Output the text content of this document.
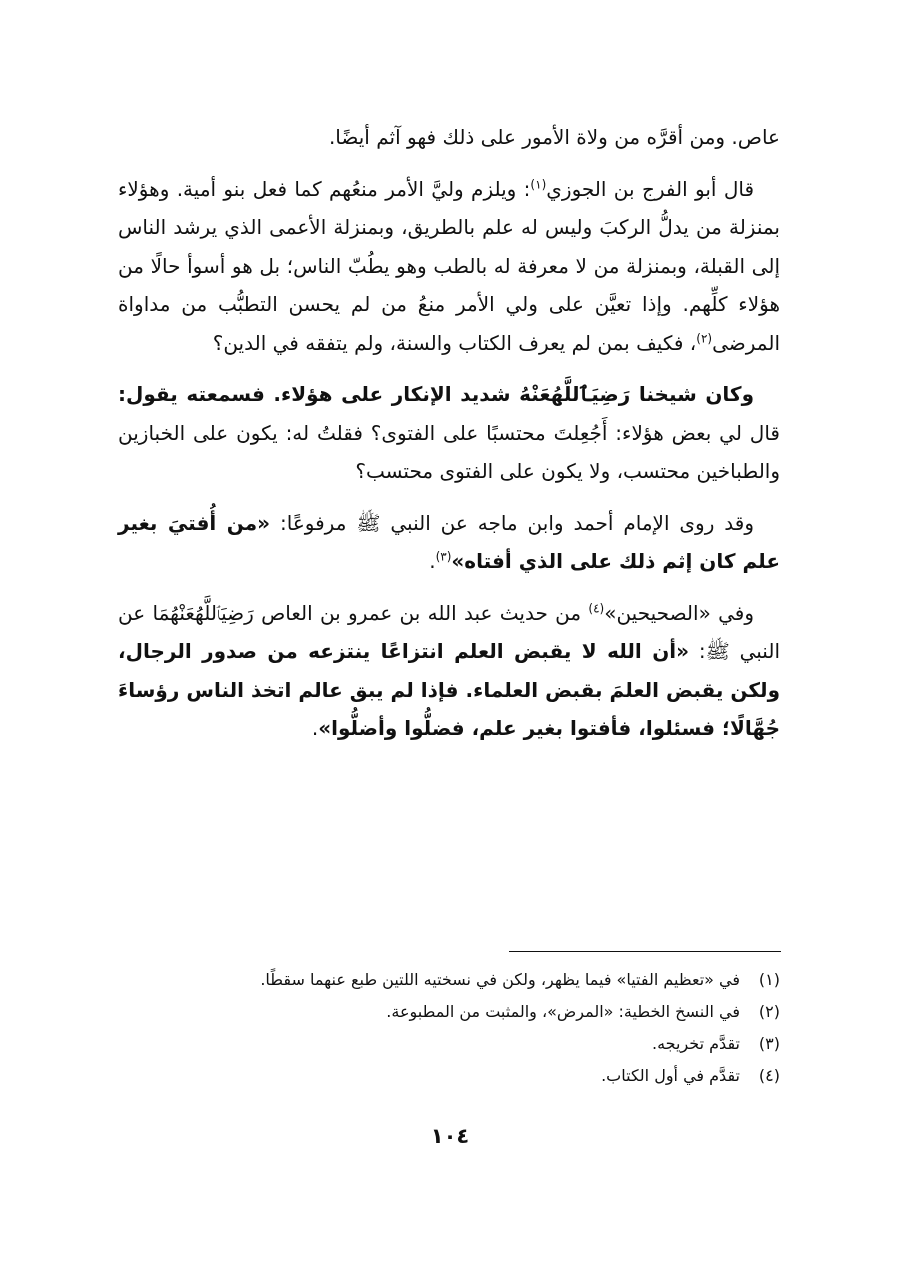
عاص. ومن أقرَّه من ولاة الأمور على ذلك فهو آثم أيضًا.

قال أبو الفرج بن الجوزي$^{(١)}$: ويلزم وليَّ الأمر منعُهم كما فعل بنو أمية. وهؤلاء بمنزلة من يدلُّ الركبَ وليس له علم بالطريق، وبمنزلة الأعمى الذي يرشد الناس إلى القبلة، وبمنزلة من لا معرفة له بالطب وهو يطُبّ الناس؛ بل هو أسوأ حالًا من هؤلاء كلِّهم. وإذا تعيَّن على ولي الأمر منعُ من لم يحسن التطبُّب من مداواة المرضى$^{(٢)}$، فكيف بمن لم يعرف الكتاب والسنة، ولم يتفقه في الدين؟

وكان شيخنا رَضِيَٱللَّهُعَنْهُ شديد الإنكار على هؤلاء. فسمعته يقول: قال لي بعض هؤلاء: أَجُعِلتَ محتسبًا على الفتوى؟ فقلتُ له: يكون على الخبازين والطباخين محتسب، ولا يكون على الفتوى محتسب؟

وقد روى الإمام أحمد وابن ماجه عن النبي ﷺ مرفوعًا: «من أُفتيَ بغير علم كان إثم ذلك على الذي أفتاه»$^{(٣)}$.

وفي «الصحيحين»$^{(٤)}$ من حديث عبد الله بن عمرو بن العاص رَضِيَٱللَّهُعَنْهُمَا عن النبي ﷺ: «أن الله لا يقبض العلم انتزاعًا ينتزعه من صدور الرجال، ولكن يقبض العلمَ بقبض العلماء. فإذا لم يبق عالم اتخذ الناس رؤساءَ جُهَّالًا؛ فسئلوا، فأفتوا بغير علم، فضلُّوا وأضلُّوا».

(١)في «تعظيم الفتيا» فيما يظهر، ولكن في نسختيه اللتين طبع عنهما سقطًا.

(٢)في النسخ الخطية: «المرض»، والمثبت من المطبوعة.

(٣)تقدَّم تخريجه.

(٤)تقدَّم في أول الكتاب.

١٠٤
